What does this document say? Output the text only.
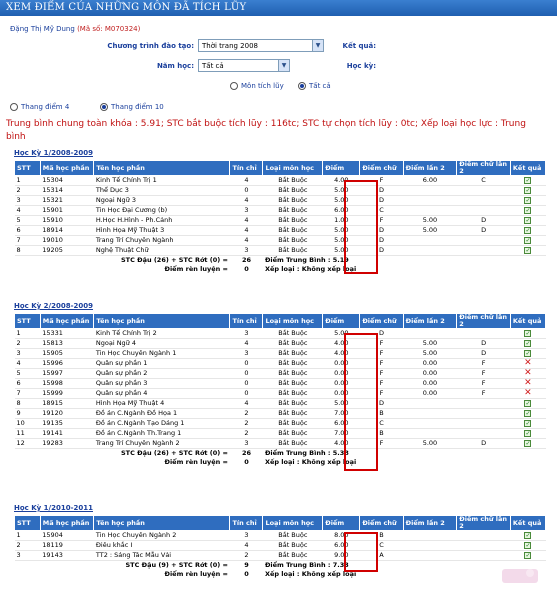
XEM ĐIỂM CỦA NHỮNG MÔN ĐÃ TÍCH LŨY
Đặng Thị Mỹ Dung (Mã số: M070324)
Chương trình đào tạo:	Thời trang 2008	▼	Kết quả:
Năm học:	Tất cả	▼	Học kỳ:
Môn tích lũy	Tất cả
Thang điểm 4	Thang điểm 10
Trung bình chung toàn khóa : 5.91; STC bắt buộc tích lũy : 116tc; STC tự chọn tích lũy : 0tc; Xếp loại học lực : Trung bình
Học Kỳ 1/2008-2009
STT	Mã học phần	Tên học phần	Tín chỉ	Loại môn học	Điểm	Điểm chữ	Điểm lần 2	Điểm chữ lần 2	Kết quả
1	15304	Kinh Tế Chính Trị 1	4	Bắt Buộc	4.00	F	6.00	C	✓
2	15314	Thể Dục 3	0	Bắt Buộc	5.00	D			✓
3	15321	Ngoại Ngữ 3	4	Bắt Buộc	5.00	D			✓
4	15901	Tin Học Đại Cương (b)	3	Bắt Buộc	6.00	C			✓
5	15910	H.Học H.Hình - Ph.Cảnh	4	Bắt Buộc	1.00	F	5.00	D	✓
6	18914	Hình Họa Mỹ Thuật 3	4	Bắt Buộc	5.00	D	5.00	D	✓
7	19010	Trang Trí Chuyên Ngành	4	Bắt Buộc	5.00	D			✓
8	19205	Nghệ Thuật Chữ	3	Bắt Buộc	5.00	D			✓
STC Đậu (26) + STC Rớt (0) =			26	Điểm Trung Bình : 5.19					
Điểm rèn luyện =			0	Xếp loại : Không xếp loại					
Học Kỳ 2/2008-2009
STT	Mã học phần	Tên học phần	Tín chỉ	Loại môn học	Điểm	Điểm chữ	Điểm lần 2	Điểm chữ lần 2	Kết quả
1	15331	Kinh Tế Chính Trị 2	3	Bắt Buộc	5.00	D			✓
2	15813	Ngoại Ngữ 4	4	Bắt Buộc	4.00	F	5.00	D	✓
3	15905	Tin Học Chuyên Ngành 1	3	Bắt Buộc	4.00	F	5.00	D	✓
4	15996	Quân sự phần 1	0	Bắt Buộc	0.00	F	0.00	F	✕
5	15997	Quân sự phần 2	0	Bắt Buộc	0.00	F	0.00	F	✕
6	15998	Quân sự phần 3	0	Bắt Buộc	0.00	F	0.00	F	✕
7	15999	Quân sự phần 4	0	Bắt Buộc	0.00	F	0.00	F	✕
8	18915	Hình Họa Mỹ Thuật 4	4	Bắt Buộc	5.00	D			✓
9	19120	Đồ án C.Ngành Đồ Họa 1	2	Bắt Buộc	7.00	B			✓
10	19135	Đồ án C.Ngành Tạo Dáng 1	2	Bắt Buộc	6.00	C			✓
11	19141	Đồ án C.Ngành Th.Trang 1	2	Bắt Buộc	7.00	B			✓
12	19283	Trang Trí Chuyên Ngành 2	3	Bắt Buộc	4.00	F	5.00	D	✓
STC Đậu (26) + STC Rớt (0) =			26	Điểm Trung Bình : 5.38					
Điểm rèn luyện =			0	Xếp loại : Không xếp loại					
Học Kỳ 1/2010-2011
STT	Mã học phần	Tên học phần	Tín chỉ	Loại môn học	Điểm	Điểm chữ	Điểm lần 2	Điểm chữ lần 2	Kết quả
1	15904	Tin Học Chuyên Ngành 2	3	Bắt Buộc	8.00	B			✓
2	18119	Điêu khắc I	4	Bắt Buộc	6.00	C			✓
3	19143	TT2 : Sáng Tác Mẫu Vải	2	Bắt Buộc	9.00	A			✓
STC Đậu (9) + STC Rớt (0) =			9	Điểm Trung Bình : 7.33					
Điểm rèn luyện =			0	Xếp loại : Không xếp loại					
